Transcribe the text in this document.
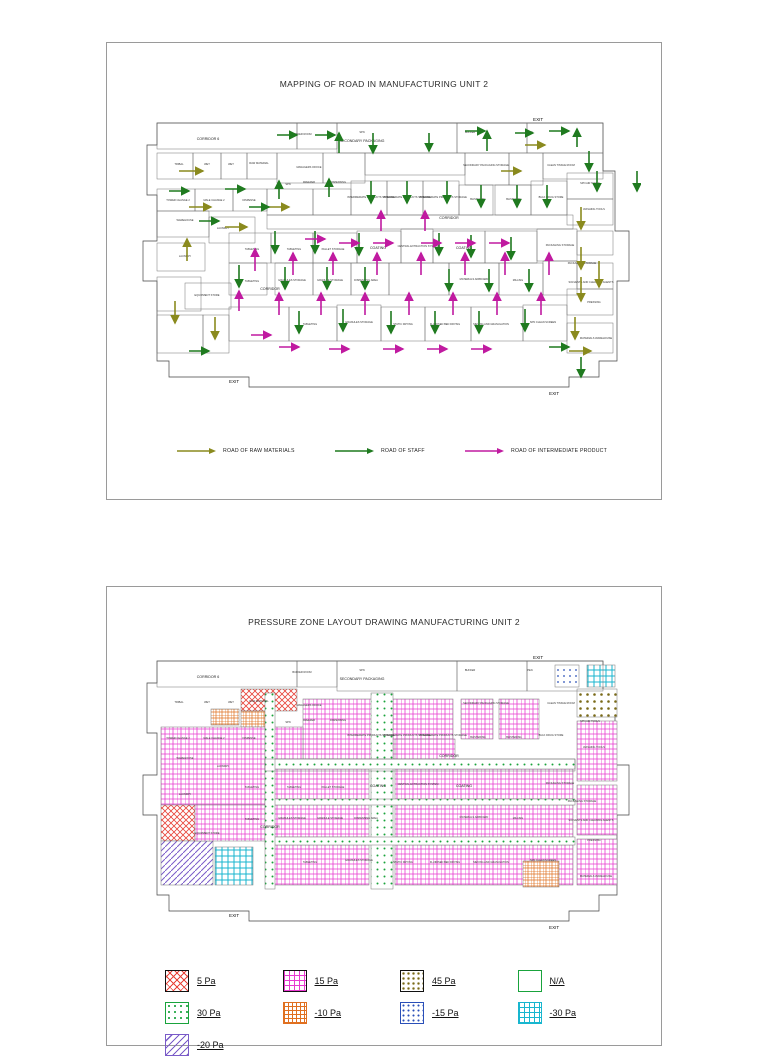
MAPPING OF ROAD IN MANUFACTURING UNIT 2
CORRIDOR 6
BUFFER ROOM
SPN
SECONDARY PACKAGING
BUFFER	PEN
TRIBAL	WET	WET	RAW MATERIAL
MANAGERS OFFICE
SECONDARY PACKAGING STORAGE	CLEAN TISSUE ROOM
SPN
FREEZER	DISPENSING
INTERMEDIATE PRODUCTS STORAGE
INTERMEDIATE PRODUCTS STORAGE
INTERMEDIATE PRODUCTS STORAGE
BLISTERING	BLISTERING
BULK DRUG STORE
SPN AIR TOOLS
TOWER CHANGE 2	MALE CHANGE 2	DISPENSE
WASHING TOOLS
CORRIDOR
WAREHOUSE
LAUNDRY
TABLETING	TABLETING	PALLET STORAGE	COATING	CENTRAL EXTRACTION SYSTEM	COATING
PACKAGING STORAGE
LAUNDRY
TABLETING	GRANULES STORAGE	GRANULE STORAGE	DISPENSING AREA	MATERIALS AIRBOARD	MILLING
CORRIDOR
EQUIPMENT STORE
TABLETING
GRANULES STORAGE
STATIC DRYING	FLUIDISED BED DRYING	SIEVING AND GRANULATION
SPN CLEAN SCREEN
PRESSING
MATERIALS WAREHOUSE
PACKAGING STORAGE
SOLVENTS AND CLEANING AGENTS
EXIT
EXIT
EXIT
ROAD OF RAW MATERIALS	ROAD OF STAFF	ROAD OF INTERMEDIATE PRODUCT
PRESSURE ZONE LAYOUT DRAWING MANUFACTURING UNIT 2
CORRIDOR 6
BUFFER ROOM
SPN
SECONDARY PACKAGING
BUFFER	PEN
TRIBAL	WET	WET	RAW MATERIAL
MANAGERS OFFICE
SECONDARY PACKAGING STORAGE	CLEAN TISSUE ROOM
SPN
FREEZER	DISPENSING
INTERMEDIATE PRODUCTS STORAGE
INTERMEDIATE PRODUCTS STORAGE
INTERMEDIATE PRODUCTS STORAGE
BLISTERING	BLISTERING
BULK DRUG STORE
SPN AIR TOOLS
TOWER CHANGE 2	MALE CHANGE 2	DISPENSE
WASHING TOOLS
CORRIDOR
WAREHOUSE
LAUNDRY
TABLETING	TABLETING	PALLET STORAGE	COATING	CENTRAL EXTRACTION SYSTEM	COATING
PACKAGING STORAGE
LAUNDRY
TABLETING	GRANULES STORAGE	GRANULE STORAGE	DISPENSING AREA	MATERIALS AIRBOARD	MILLING
CORRIDOR
EQUIPMENT STORE
TABLETING
GRANULES STORAGE
STATIC DRYING	FLUIDISED BED DRYING	SIEVING AND GRANULATION
SPN CLEAN SCREEN
PRESSING
MATERIALS WAREHOUSE
PACKAGING STORAGE
SOLVENTS AND CLEANING AGENTS
EXIT
EXIT
EXIT
5 Pa	15 Pa	45 Pa	N/A
30 Pa	-10 Pa	-15 Pa
-20 Pa
-30 Pa
